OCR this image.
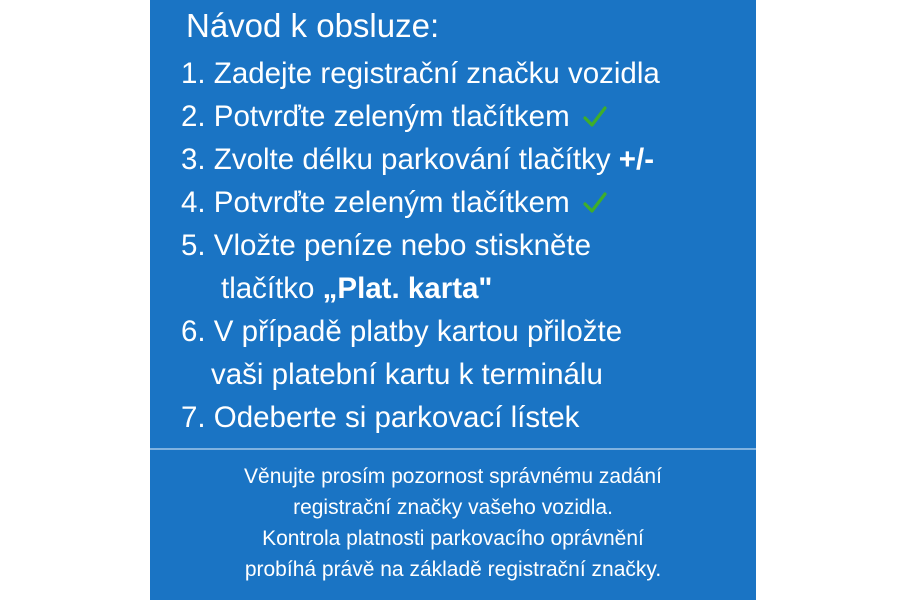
Návod k obsluze:
1. Zadejte registrační značku vozidla
2. Potvrďte zeleným tlačítkem
3. Zvolte délku parkování tlačítky +/-
4. Potvrďte zeleným tlačítkem
5. Vložte peníze nebo stiskněte
tlačítko „Plat. karta"
6. V případě platby kartou přiložte
vaši platební kartu k terminálu
7. Odeberte si parkovací lístek
Věnujte prosím pozornost správnému zadání
registrační značky vašeho vozidla.
Kontrola platnosti parkovacího oprávnění
probíhá právě na základě registrační značky.
